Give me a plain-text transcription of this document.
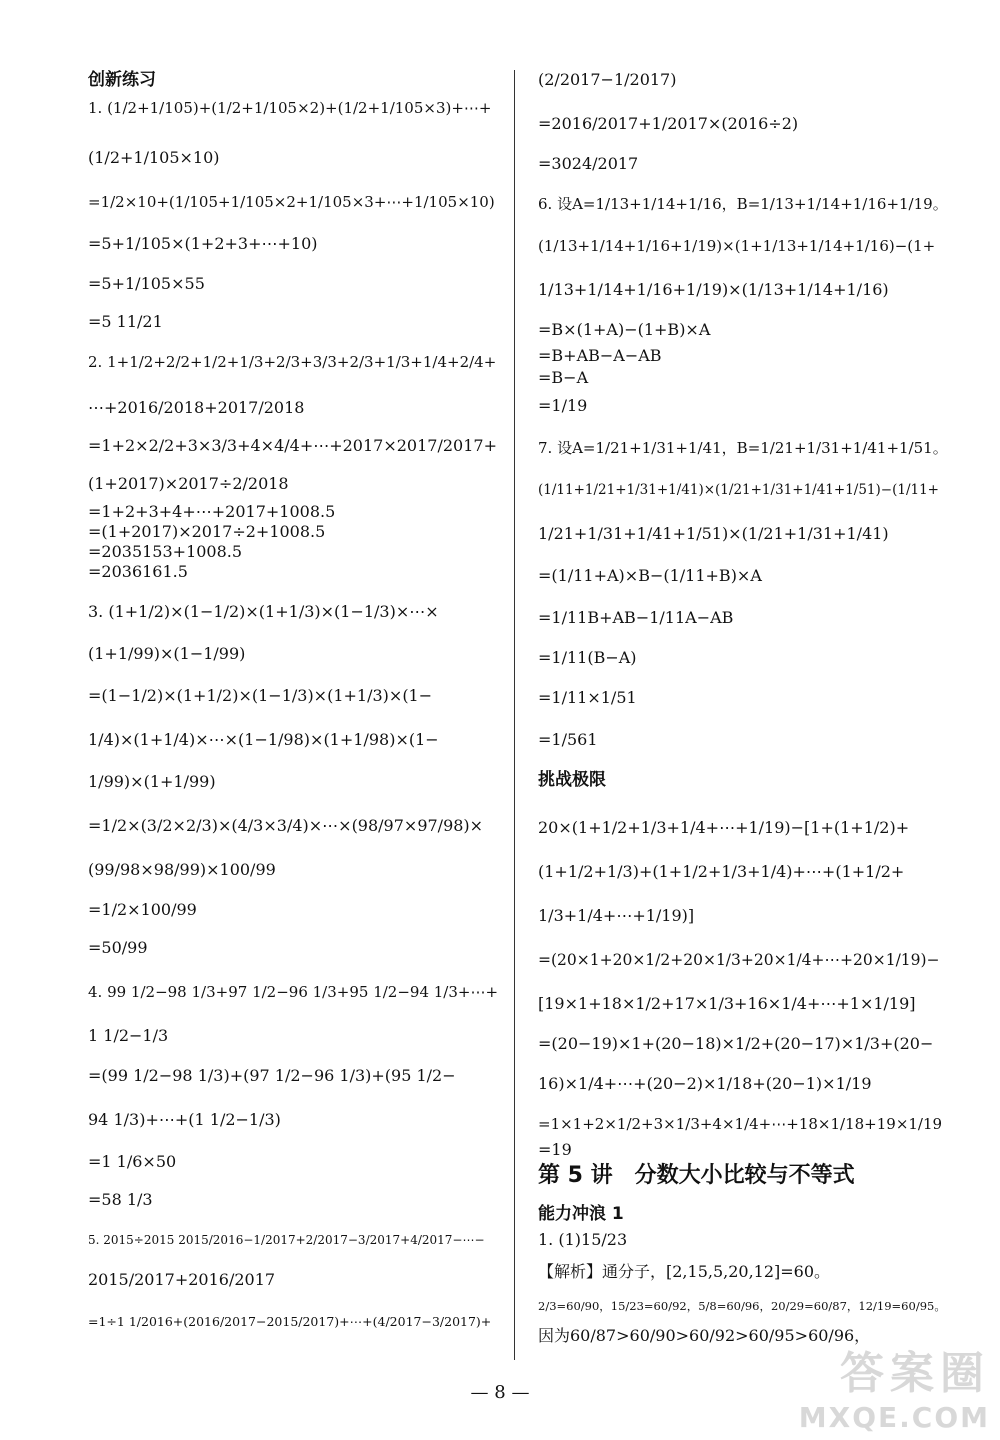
创新练习
1. (1/2+1/105)+(1/2+1/105×2)+(1/2+1/105×3)+⋯+
(1/2+1/105×10)
=1/2×10+(1/105+1/105×2+1/105×3+⋯+1/105×10)
=5+1/105×(1+2+3+⋯+10)
=5+1/105×55
=5 11/21
2. 1+1/2+2/2+1/2+1/3+2/3+3/3+2/3+1/3+1/4+2/4+
⋯+2016/2018+2017/2018
=1+2×2/2+3×3/3+4×4/4+⋯+2017×2017/2017+
(1+2017)×2017÷2/2018
=1+2+3+4+⋯+2017+1008.5
=(1+2017)×2017÷2+1008.5
=2035153+1008.5
=2036161.5
3. (1+1/2)×(1−1/2)×(1+1/3)×(1−1/3)×⋯×
(1+1/99)×(1−1/99)
=(1−1/2)×(1+1/2)×(1−1/3)×(1+1/3)×(1−
1/4)×(1+1/4)×⋯×(1−1/98)×(1+1/98)×(1−
1/99)×(1+1/99)
=1/2×(3/2×2/3)×(4/3×3/4)×⋯×(98/97×97/98)×
(99/98×98/99)×100/99
=1/2×100/99
=50/99
4. 99 1/2−98 1/3+97 1/2−96 1/3+95 1/2−94 1/3+⋯+
1 1/2−1/3
=(99 1/2−98 1/3)+(97 1/2−96 1/3)+(95 1/2−
94 1/3)+⋯+(1 1/2−1/3)
=1 1/6×50
=58 1/3
5. 2015÷2015 2015/2016−1/2017+2/2017−3/2017+4/2017−⋯−
2015/2017+2016/2017
=1÷1 1/2016+(2016/2017−2015/2017)+⋯+(4/2017−3/2017)+
(2/2017−1/2017)
=2016/2017+1/2017×(2016÷2)
=3024/2017
6. 设A=1/13+1/14+1/16，B=1/13+1/14+1/16+1/19。
(1/13+1/14+1/16+1/19)×(1+1/13+1/14+1/16)−(1+
1/13+1/14+1/16+1/19)×(1/13+1/14+1/16)
=B×(1+A)−(1+B)×A
=B+AB−A−AB
=B−A
=1/19
7. 设A=1/21+1/31+1/41，B=1/21+1/31+1/41+1/51。
(1/11+1/21+1/31+1/41)×(1/21+1/31+1/41+1/51)−(1/11+
1/21+1/31+1/41+1/51)×(1/21+1/31+1/41)
=(1/11+A)×B−(1/11+B)×A
=1/11B+AB−1/11A−AB
=1/11(B−A)
=1/11×1/51
=1/561
挑战极限
20×(1+1/2+1/3+1/4+⋯+1/19)−[1+(1+1/2)+
(1+1/2+1/3)+(1+1/2+1/3+1/4)+⋯+(1+1/2+
1/3+1/4+⋯+1/19)]
=(20×1+20×1/2+20×1/3+20×1/4+⋯+20×1/19)−
[19×1+18×1/2+17×1/3+16×1/4+⋯+1×1/19]
=(20−19)×1+(20−18)×1/2+(20−17)×1/3+(20−
16)×1/4+⋯+(20−2)×1/18+(20−1)×1/19
=1×1+2×1/2+3×1/3+4×1/4+⋯+18×1/18+19×1/19
=19
第 5 讲　分数大小比较与不等式
能力冲浪 1
1. (1)15/23
【解析】通分子，[2,15,5,20,12]=60。
2/3=60/90，15/23=60/92，5/8=60/96，20/29=60/87，12/19=60/95。
因为60/87>60/90>60/92>60/95>60/96，
— 8 —	答案圈
MXQE.COM
